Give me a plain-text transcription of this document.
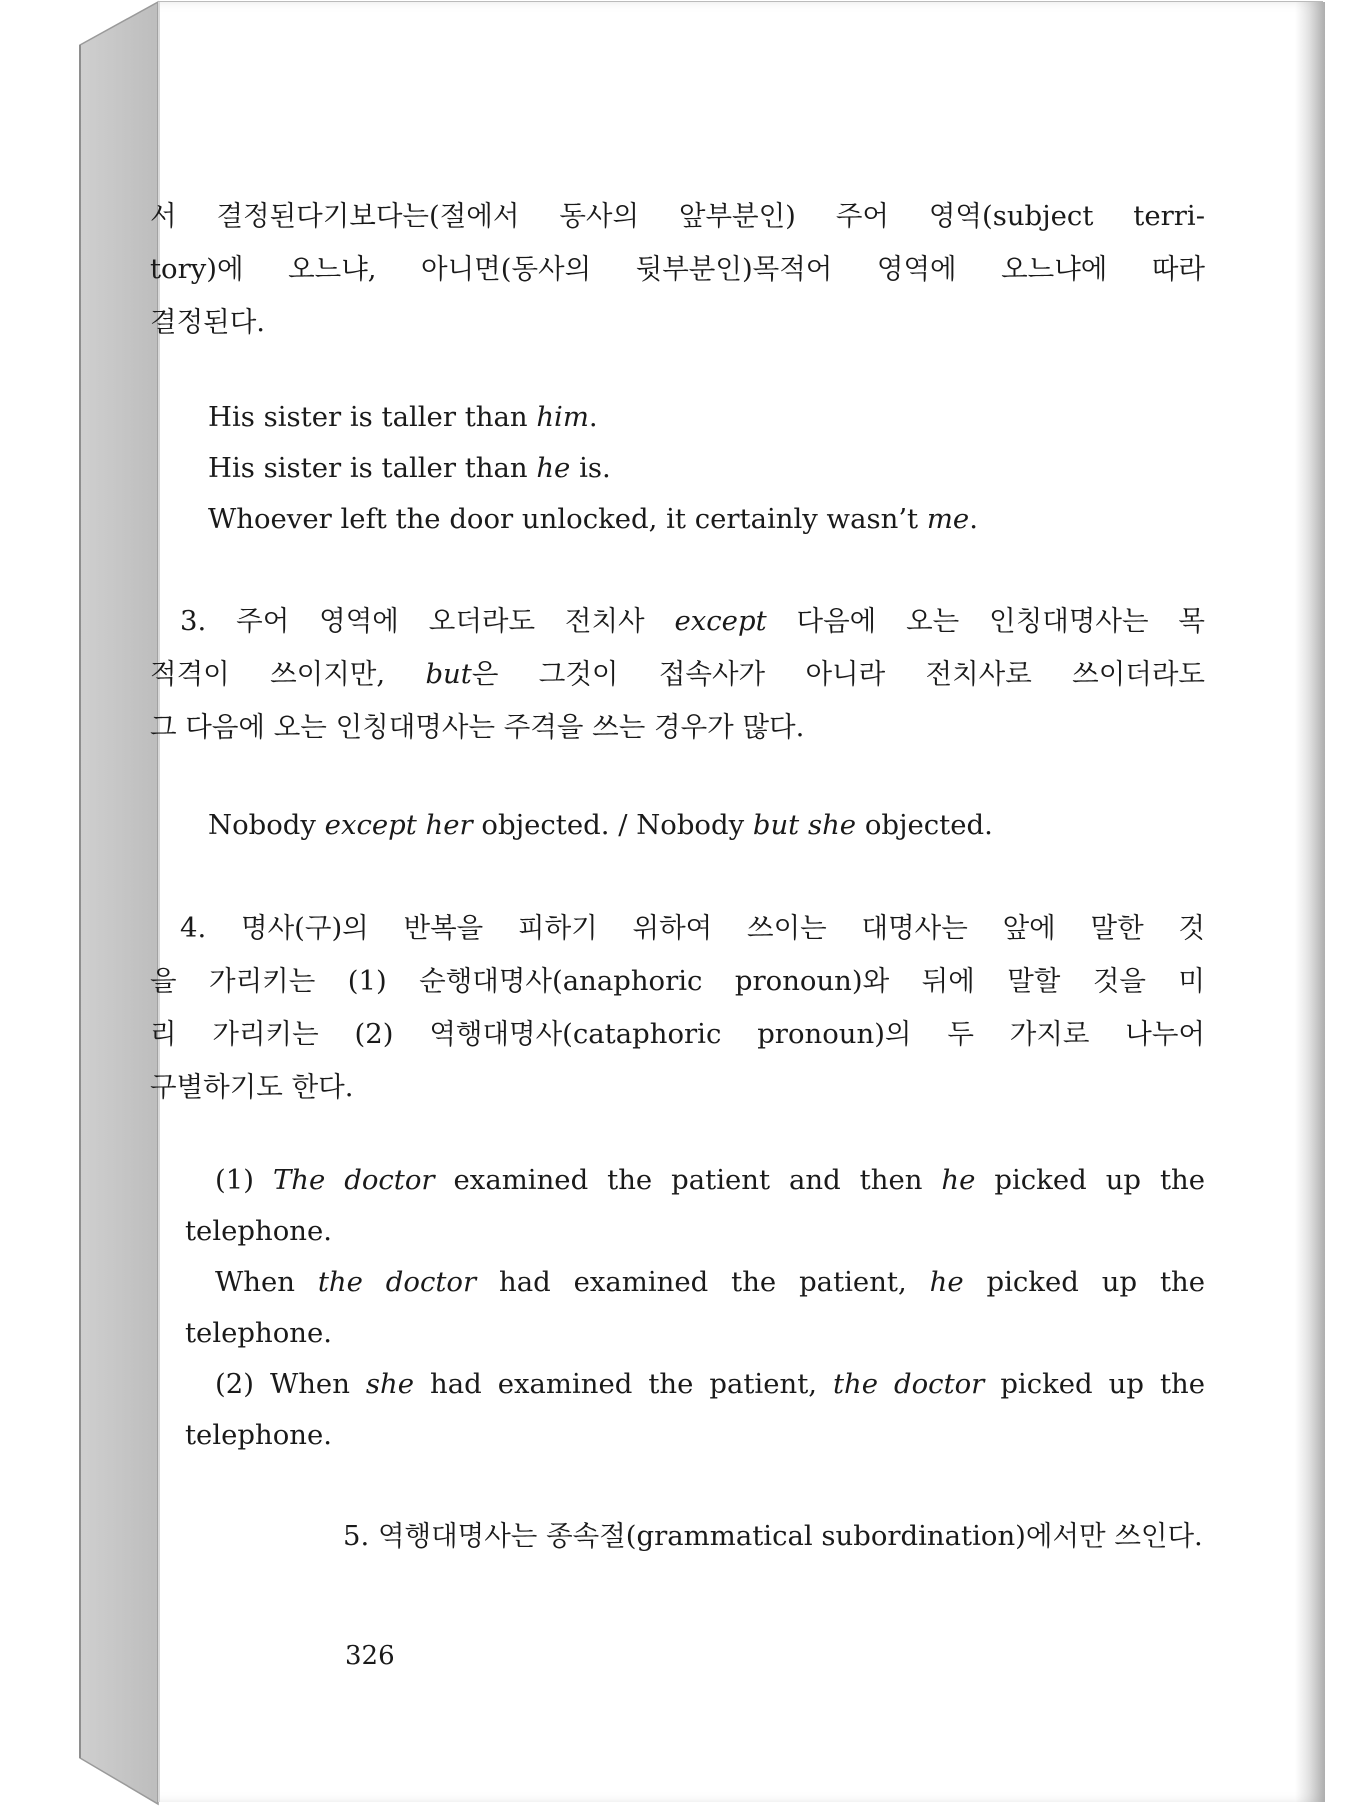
서 결정된다기보다는(절에서 동사의 앞부분인) 주어 영역(subject terri-
tory)에 오느냐, 아니면(동사의 뒷부분인)목적어 영역에 오느냐에 따라
결정된다.

His sister is taller than him.
His sister is taller than he is.
Whoever left the door unlocked, it certainly wasn’t me.

3. 주어 영역에 오더라도 전치사 except 다음에 오는 인칭대명사는 목
적격이 쓰이지만, but은 그것이 접속사가 아니라 전치사로 쓰이더라도
그 다음에 오는 인칭대명사는 주격을 쓰는 경우가 많다.

Nobody except her objected. / Nobody but she objected.

4. 명사(구)의 반복을 피하기 위하여 쓰이는 대명사는 앞에 말한 것
을 가리키는 (1) 순행대명사(anaphoric pronoun)와 뒤에 말할 것을 미
리 가리키는 (2) 역행대명사(cataphoric pronoun)의 두 가지로 나누어
구별하기도 한다.

(1) The doctor examined the patient and then he picked up the
telephone.
When the doctor had examined the patient, he picked up the
telephone.
(2) When she had examined the patient, the doctor picked up the
telephone.

5. 역행대명사는 종속절(grammatical subordination)에서만 쓰인다.

326
